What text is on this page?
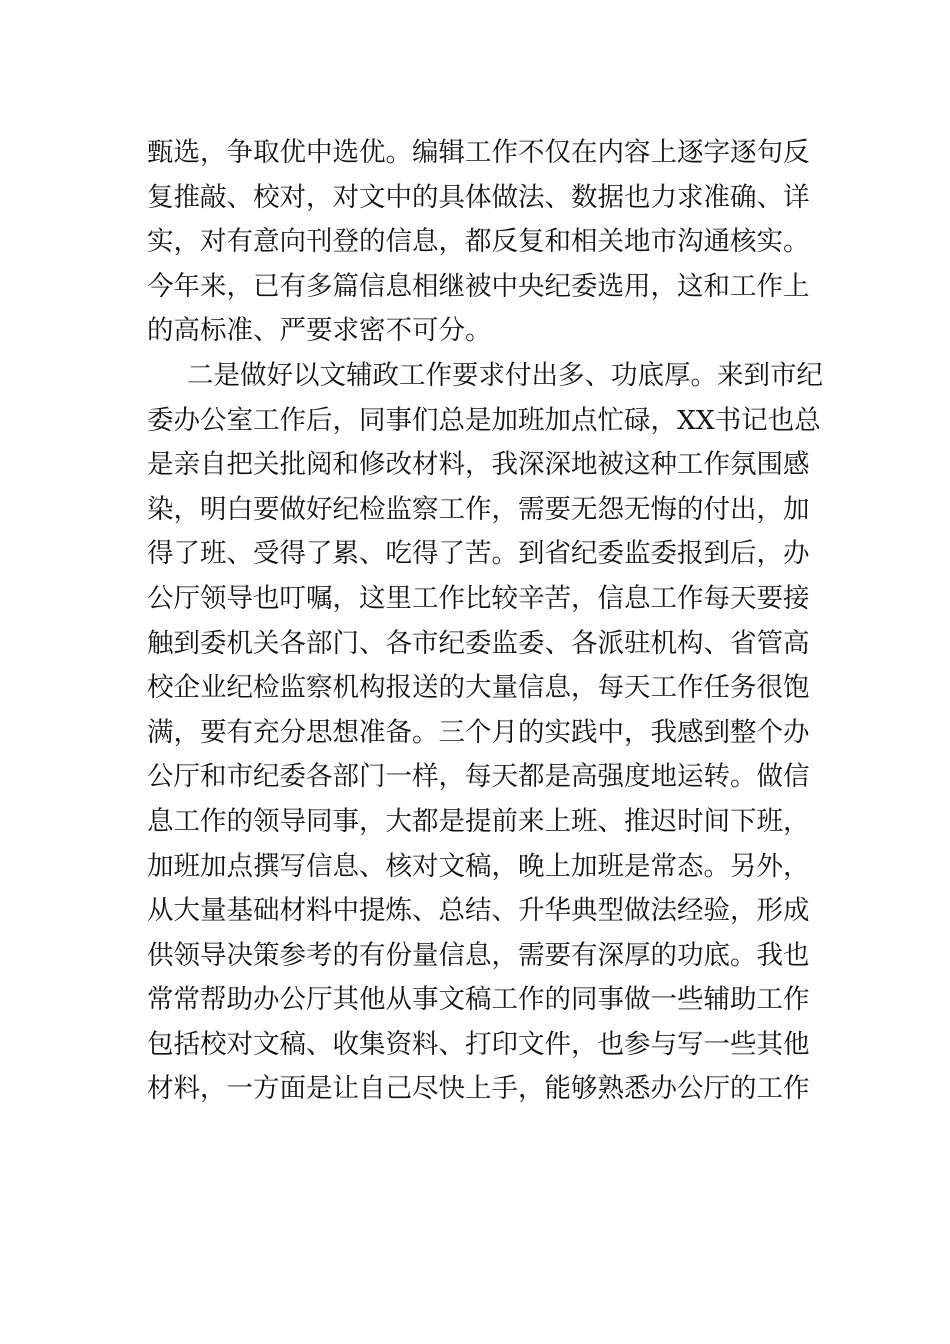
甄选，争取优中选优。编辑工作不仅在内容上逐字逐句反
复推敲、校对，对文中的具体做法、数据也力求准确、详
实，对有意向刊登的信息，都反复和相关地市沟通核实。
今年来，已有多篇信息相继被中央纪委选用，这和工作上
的高标准、严要求密不可分。
二是做好以文辅政工作要求付出多、功底厚。来到市纪
委办公室工作后，同事们总是加班加点忙碌，XX书记也总
是亲自把关批阅和修改材料，我深深地被这种工作氛围感
染，明白要做好纪检监察工作，需要无怨无悔的付出，加
得了班、受得了累、吃得了苦。到省纪委监委报到后，办
公厅领导也叮嘱，这里工作比较辛苦，信息工作每天要接
触到委机关各部门、各市纪委监委、各派驻机构、省管高
校企业纪检监察机构报送的大量信息，每天工作任务很饱
满，要有充分思想准备。三个月的实践中，我感到整个办
公厅和市纪委各部门一样，每天都是高强度地运转。做信
息工作的领导同事，大都是提前来上班、推迟时间下班，
加班加点撰写信息、核对文稿，晚上加班是常态。另外，
从大量基础材料中提炼、总结、升华典型做法经验，形成
供领导决策参考的有份量信息，需要有深厚的功底。我也
常常帮助办公厅其他从事文稿工作的同事做一些辅助工作
包括校对文稿、收集资料、打印文件，也参与写一些其他
材料，一方面是让自己尽快上手，能够熟悉办公厅的工作
